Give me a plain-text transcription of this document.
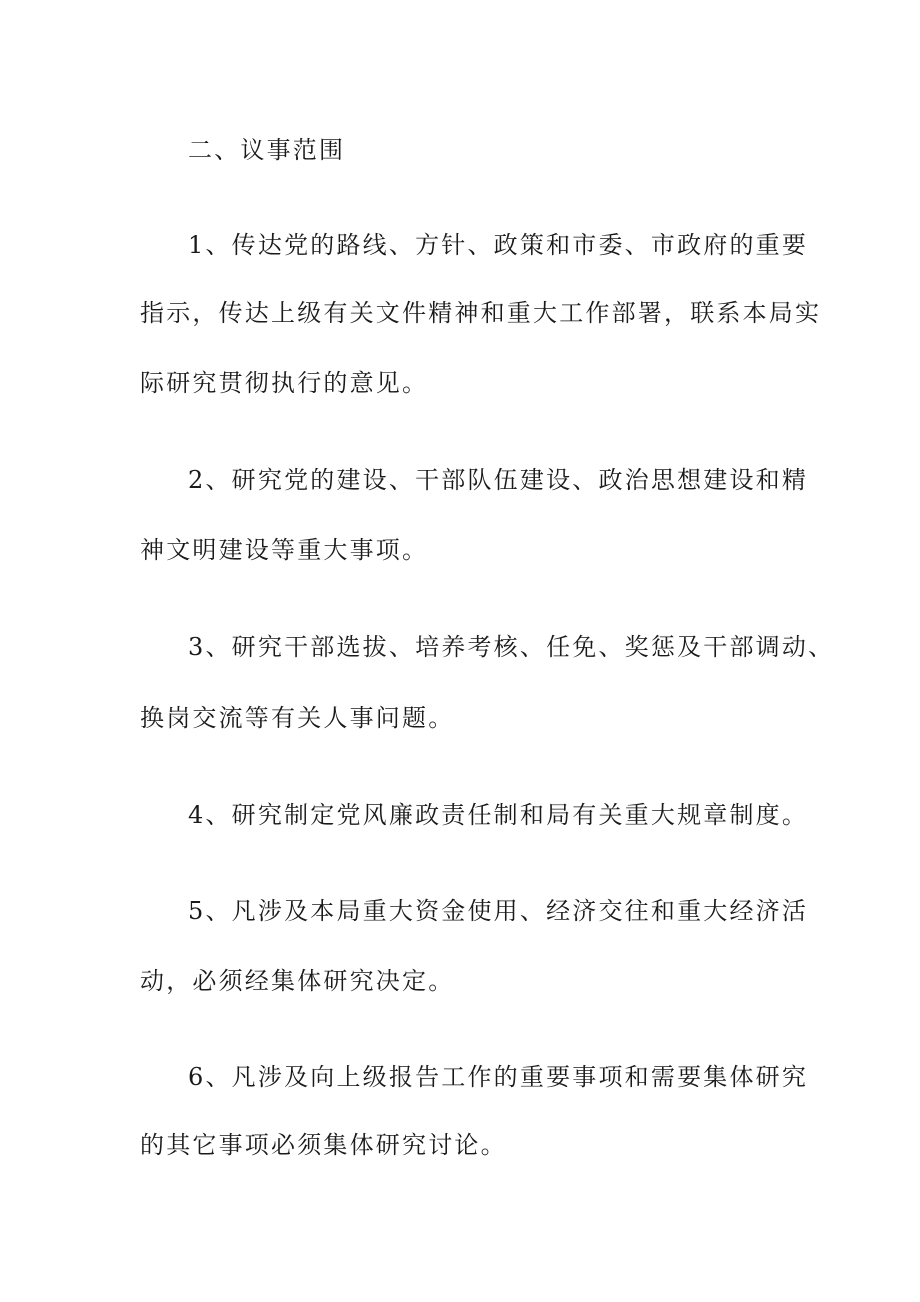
二、议事范围

1、传达党的路线、方针、政策和市委、市政府的重要

指示，传达上级有关文件精神和重大工作部署，联系本局实

际研究贯彻执行的意见。

2、研究党的建设、干部队伍建设、政治思想建设和精

神文明建设等重大事项。

3、研究干部选拔、培养考核、任免、奖惩及干部调动、

换岗交流等有关人事问题。

4、研究制定党风廉政责任制和局有关重大规章制度。

5、凡涉及本局重大资金使用、经济交往和重大经济活

动，必须经集体研究决定。

6、凡涉及向上级报告工作的重要事项和需要集体研究

的其它事项必须集体研究讨论。
